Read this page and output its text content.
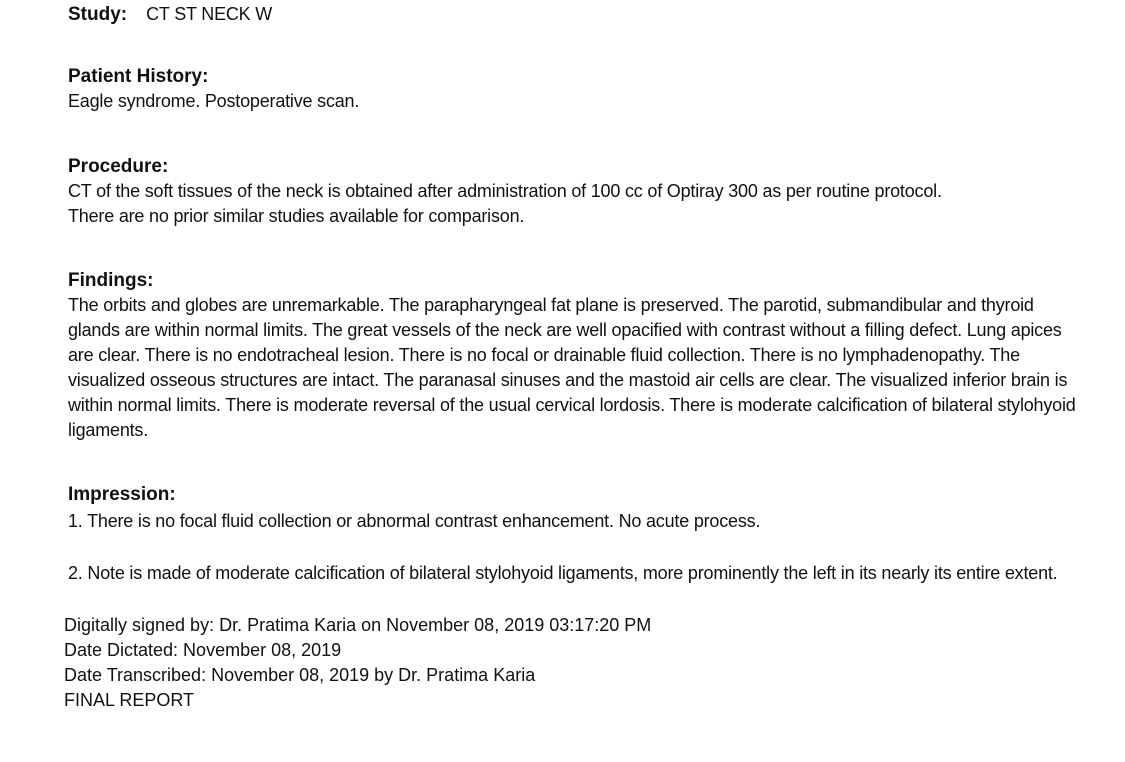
Study: CT ST NECK W
Patient History:
Eagle syndrome. Postoperative scan.
Procedure:
CT of the soft tissues of the neck is obtained after administration of 100 cc of Optiray 300 as per routine protocol.
There are no prior similar studies available for comparison.
Findings:
The orbits and globes are unremarkable. The parapharyngeal fat plane is preserved. The parotid, submandibular and thyroid glands are within normal limits. The great vessels of the neck are well opacified with contrast without a filling defect. Lung apices are clear. There is no endotracheal lesion. There is no focal or drainable fluid collection. There is no lymphadenopathy. The visualized osseous structures are intact. The paranasal sinuses and the mastoid air cells are clear. The visualized inferior brain is within normal limits. There is moderate reversal of the usual cervical lordosis. There is moderate calcification of bilateral stylohyoid ligaments.
Impression:
1. There is no focal fluid collection or abnormal contrast enhancement. No acute process.
2. Note is made of moderate calcification of bilateral stylohyoid ligaments, more prominently the left in its nearly its entire extent.
Digitally signed by: Dr. Pratima Karia on November 08, 2019 03:17:20 PM
Date Dictated: November 08, 2019
Date Transcribed: November 08, 2019 by Dr. Pratima Karia
FINAL REPORT
